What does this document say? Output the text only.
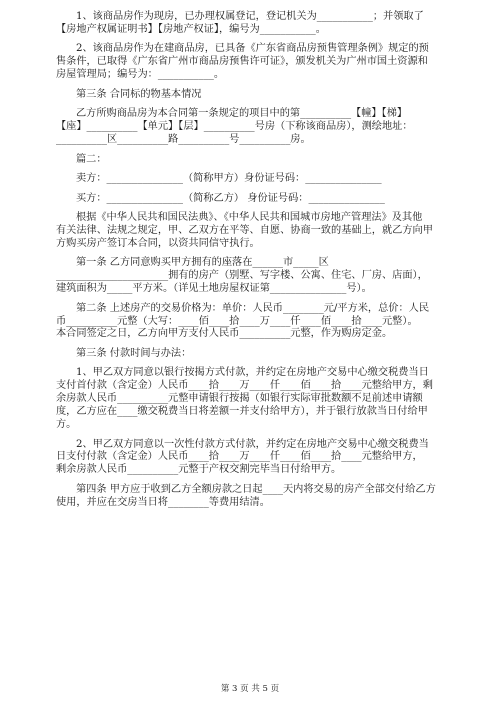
第 3 页 共 5 页
1、该商品房作为现房，已办理权属登记，登记机关为___________；并领取了
【房地产权属证明书】【房地产权证】，编号为___________。
2、该商品房作为在建商品房，已具备《广东省商品房预售管理条例》规定的预
售条件，已取得《广东省广州市商品房预售许可证》，颁发机关为广州市国土资源和
房屋管理局；编号为：___________。
第三条 合同标的物基本情况
乙方所购商品房为本合同第一条规定的项目中的第__________【幢】【梯】
【座】__________【单元】【层】__________号房（下称该商品房），测绘地址：
__________区__________路__________号__________房。
篇二：
卖方：_______________（简称甲方）身份证号码：_______________
买方：_______________（简称乙方） 身份证号码：_______________
根据《中华人民共和国民法典》、《中华人民共和国城市房地产管理法》及其他
有关法律、法规之规定，甲、乙双方在平等、自愿、协商一致的基础上，就乙方向甲
方购买房产签订本合同，以资共同信守执行。
第一条 乙方同意购买甲方拥有的座落在______市_____区
______________________拥有的房产（别墅、写字楼、公寓、住宅、厂房、店面），
建筑面积为_____平方米。（详见土地房屋权证第_______________号）。
第二条 上述房产的交易价格为：单价：人民币________元/平方米，总价：人民
币__________元整（大写：____佰____拾____万____仟____佰____拾____元整）。
本合同签定之日，乙方向甲方支付人民币__________元整，作为购房定金。
第三条 付款时间与办法：
1、甲乙双方同意以银行按揭方式付款，并约定在房地产交易中心缴交税费当日
支付首付款（含定金）人民币____拾____万____仟____佰____拾____元整给甲方，剩
余房款人民币__________元整申请银行按揭（如银行实际审批数额不足前述申请额
度，乙方应在____缴交税费当日将差额一并支付给甲方），并于银行放款当日付给甲
方。
2、甲乙双方同意以一次性付款方式付款，并约定在房地产交易中心缴交税费当
日支付付款（含定金）人民币____拾____万____仟____佰____拾____元整给甲方，
剩余房款人民币__________元整于产权交割完毕当日付给甲方。
第四条 甲方应于收到乙方全额房款之日起____天内将交易的房产全部交付给乙方
使用，并应在交房当日将________等费用结清。
